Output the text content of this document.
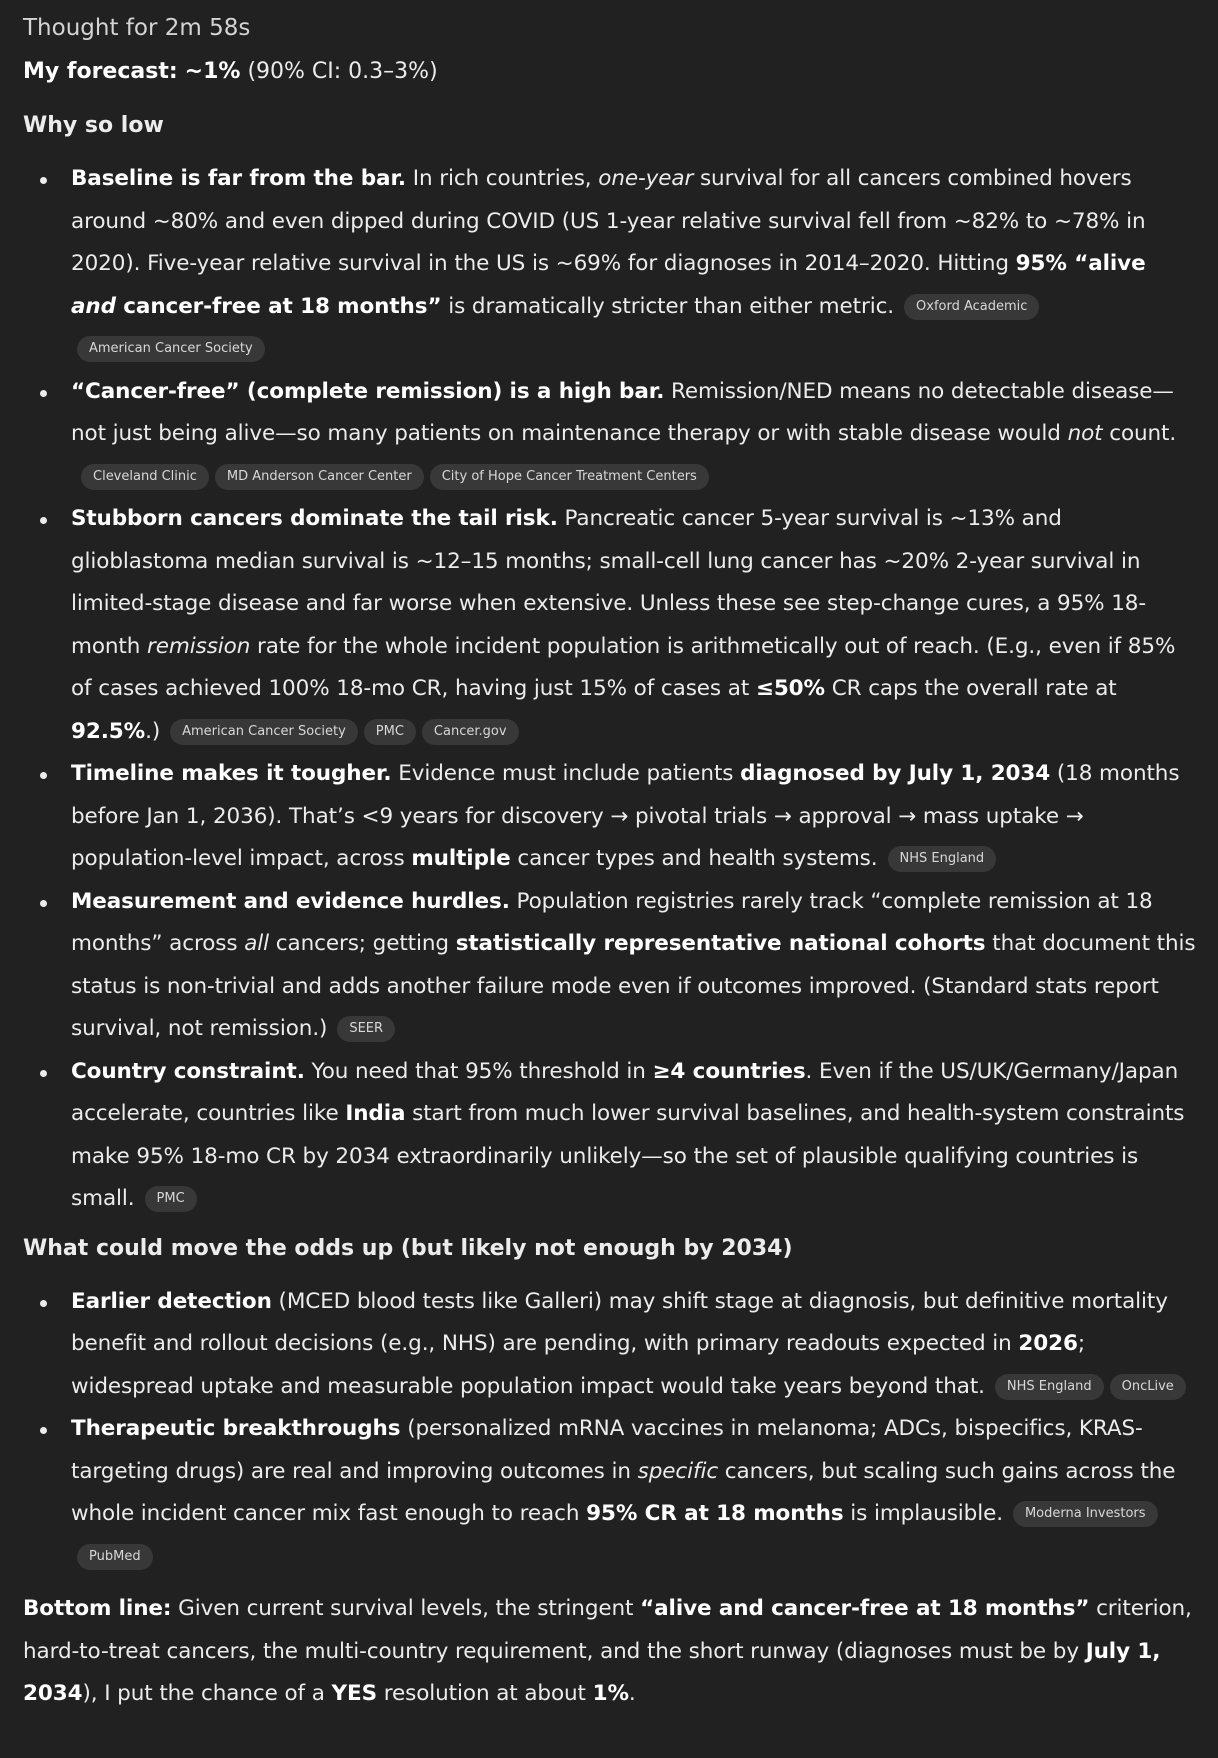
Thought for 2m 58s

My forecast: ~1% (90% CI: 0.3–3%)

Why so low
Baseline is far from the bar. In rich countries, one-year survival for all cancers combined hovers around ~80% and even dipped during COVID (US 1-year relative survival fell from ~82% to ~78% in 2020). Five-year relative survival in the US is ~69% for diagnoses in 2014–2020. Hitting 95% “alive and cancer-free at 18 months” is dramatically stricter than either metric. Oxford AcademicAmerican Cancer Society
“Cancer-free” (complete remission) is a high bar. Remission/NED means no detectable disease—not just being alive—so many patients on maintenance therapy or with stable disease would not count.Cleveland Clinic MD Anderson Cancer Center City of Hope Cancer Treatment Centers
Stubborn cancers dominate the tail risk. Pancreatic cancer 5-year survival is ~13% and glioblastoma median survival is ~12–15 months; small-cell lung cancer has ~20% 2-year survival in limited-stage disease and far worse when extensive. Unless these see step-change cures, a 95% 18-month remission rate for the whole incident population is arithmetically out of reach. (E.g., even if 85% of cases achieved 100% 18-mo CR, having just 15% of cases at ≤50% CR caps the overall rate at 92.5%.) American Cancer Society PMC Cancer.gov
Timeline makes it tougher. Evidence must include patients diagnosed by July 1, 2034 (18 months before Jan 1, 2036). That’s <9 years for discovery → pivotal trials → approval → mass uptake → population-level impact, across multiple cancer types and health systems. NHS England
Measurement and evidence hurdles. Population registries rarely track “complete remission at 18 months” across all cancers; getting statistically representative national cohorts that document this status is non-trivial and adds another failure mode even if outcomes improved. (Standard stats report survival, not remission.) SEER
Country constraint. You need that 95% threshold in ≥4 countries. Even if the US/UK/Germany/Japan accelerate, countries like India start from much lower survival baselines, and health-system constraints make 95% 18-mo CR by 2034 extraordinarily unlikely—so the set of plausible qualifying countries is small. PMC
What could move the odds up (but likely not enough by 2034)
Earlier detection (MCED blood tests like Galleri) may shift stage at diagnosis, but definitive mortality benefit and rollout decisions (e.g., NHS) are pending, with primary readouts expected in 2026; widespread uptake and measurable population impact would take years beyond that. NHS England OncLive
Therapeutic breakthroughs (personalized mRNA vaccines in melanoma; ADCs, bispecifics, KRAS-targeting drugs) are real and improving outcomes in specific cancers, but scaling such gains across the whole incident cancer mix fast enough to reach 95% CR at 18 months is implausible. Moderna InvestorsPubMed

Bottom line: Given current survival levels, the stringent “alive and cancer-free at 18 months” criterion, hard-to-treat cancers, the multi-country requirement, and the short runway (diagnoses must be by July 1, 2034), I put the chance of a YES resolution at about 1%.
